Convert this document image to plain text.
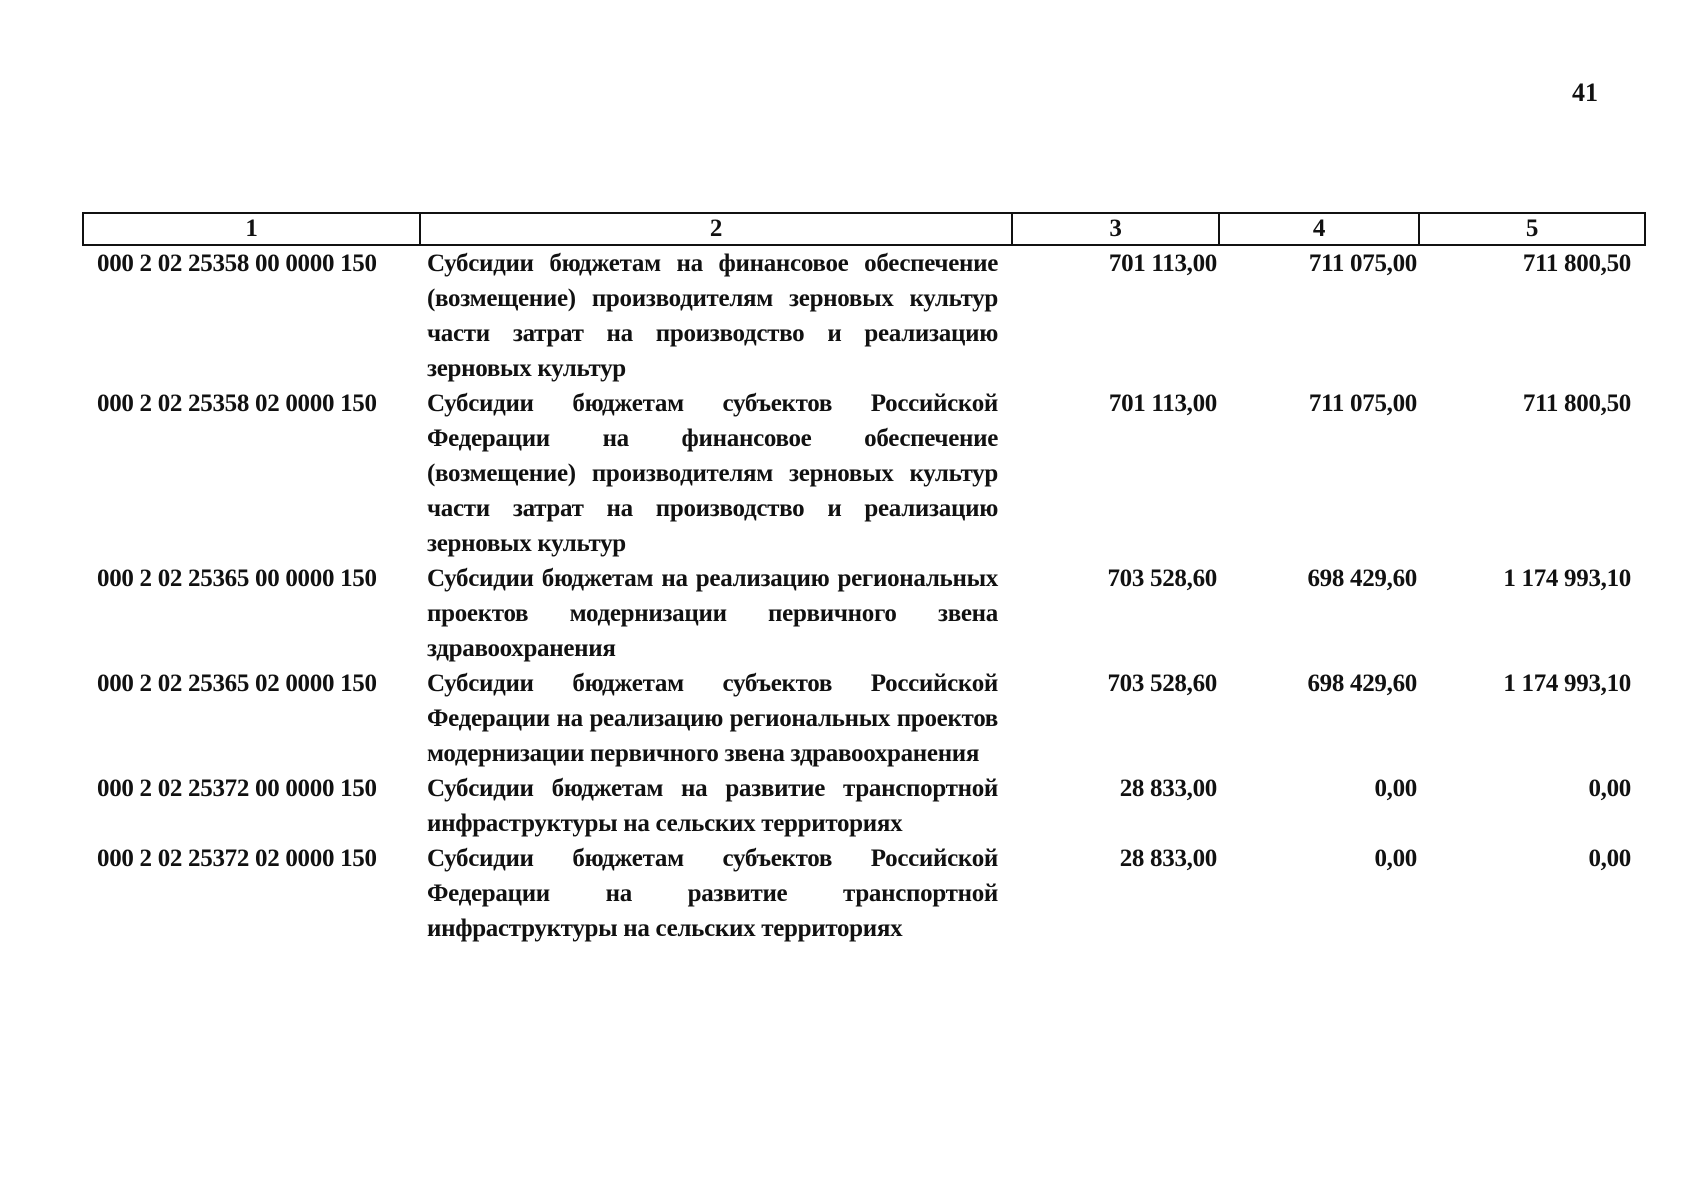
41
1	2	3	4	5
000 2 02 25358 00 0000 150	Субсидии бюджетам на финансовое обеспечение (возмещение) производителям зерновых культур части затрат на производство и реализацию зерновых культур	701 113,00	711 075,00	711 800,50
000 2 02 25358 02 0000 150	Субсидии бюджетам субъектов Российской Федерации на финансовое обеспечение (возмещение) производителям зерновых культур части затрат на производство и реализацию зерновых культур	701 113,00	711 075,00	711 800,50
000 2 02 25365 00 0000 150	Субсидии бюджетам на реализацию региональных проектов модернизации первичного звена здравоохранения	703 528,60	698 429,60	1 174 993,10
000 2 02 25365 02 0000 150	Субсидии бюджетам субъектов Российской Федерации на реализацию региональных проектов модернизации первичного звена здравоохранения	703 528,60	698 429,60	1 174 993,10
000 2 02 25372 00 0000 150	Субсидии бюджетам на развитие транспортной инфраструктуры на сельских территориях	28 833,00	0,00	0,00
000 2 02 25372 02 0000 150	Субсидии бюджетам субъектов Российской Федерации на развитие транспортной инфраструктуры на сельских территориях	28 833,00	0,00	0,00
